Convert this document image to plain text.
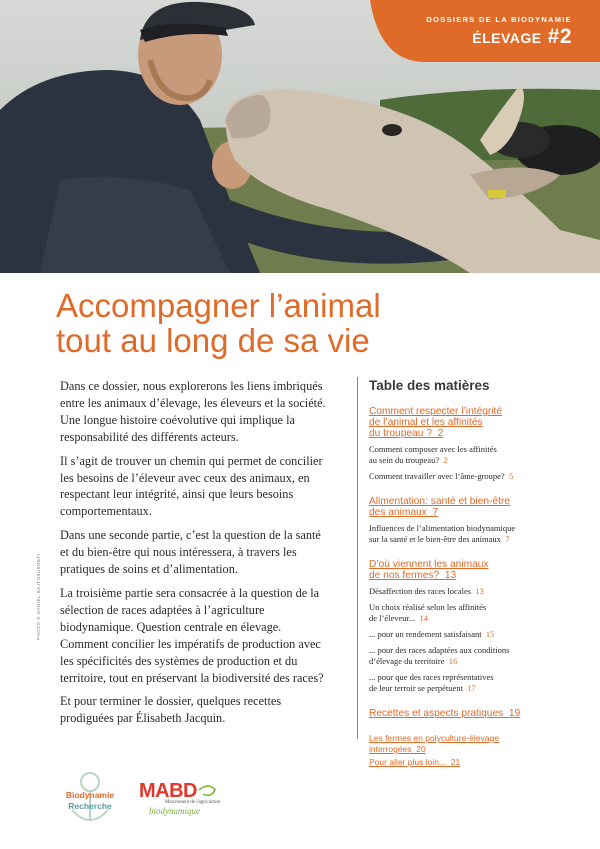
DOSSIERS DE LA BIODYNAMIE
ÉLEVAGE #2
Accompagner l’animal
tout au long de sa vie
PHOTO © DANIEL SAJTOSUKREFI

Dans ce dossier, nous explorerons les liens imbriqués entre les animaux d’élevage, les éleveurs et la société. Une longue histoire coévolutive qui implique la responsabilité des différents acteurs.

Il s’agit de trouver un chemin qui permet de concilier les besoins de l’éleveur avec ceux des animaux, en respectant leur intégrité, ainsi que leurs besoins comportementaux.

Dans une seconde partie, c’est la question de la santé et du bien-être qui nous intéressera, à travers les pratiques de soins et d’alimentation.

La troisième partie sera consacrée à la question de la sélection de races adaptées à l’agriculture biodynamique. Question centrale en élevage. Comment concilier les impératifs de production avec les spécificités des systèmes de production et du territoire, tout en préservant la biodiversité des races?

Et pour terminer le dossier, quelques recettes prodiguées par Élisabeth Jacquin.

Table des matières
Comment respecter l’intégrité
de l’animal et les affinités
du troupeau ? 2
Comment composer avec les affinités
au sein du troupeau? 2
Comment travailler avec l’âme-groupe? 5
Alimentation: santé et bien-être
des animaux 7
Influences de l’alimentation biodynamique
sur la santé et le bien-être des animaux 7
D’où viennent les animaux
de nos fermes? 13
Désaffection des races locales 13
Un choix réalisé selon les affinités
de l’éleveur... 14
... pour un rendement satisfaisant 15
... pour des races adaptées aux conditions
d’élevage du territoire 16
... pour que des races représentatives
de leur terroir se perpétuent 17
Recettes et aspects pratiques 19
Les fermes en polyculture-élevage
interrogées 20
Pour aller plus loin... 21
Biodynamie
Recherche
MABD
Mouvement de l'agriculture
biodynamique
